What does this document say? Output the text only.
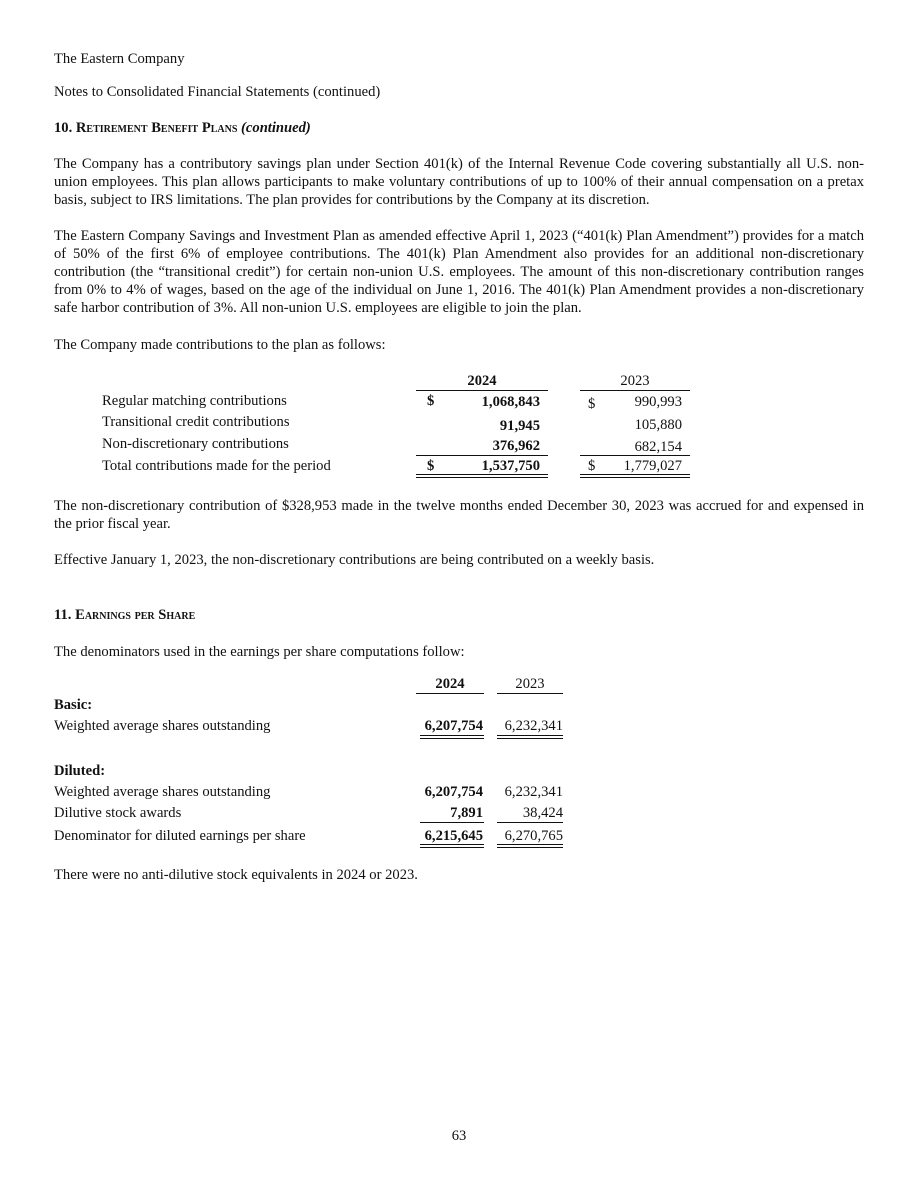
The Eastern Company
Notes to Consolidated Financial Statements (continued)
10. Retirement Benefit Plans (continued)

The Company has a contributory savings plan under Section 401(k) of the Internal Revenue Code covering substantially all U.S. non-union employees. This plan allows participants to make voluntary contributions of up to 100% of their annual compensation on a pretax basis, subject to IRS limitations. The plan provides for contributions by the Company at its discretion.

The Eastern Company Savings and Investment Plan as amended effective April 1, 2023 (“401(k) Plan Amendment”) provides for a match of 50% of the first 6% of employee contributions. The 401(k) Plan Amendment also provides for an additional non-discretionary contribution (the “transitional credit”) for certain non-union U.S. employees. The amount of this non-discretionary contribution ranges from 0% to 4% of wages, based on the age of the individual on June 1, 2016. The 401(k) Plan Amendment provides a non-discretionary safe harbor contribution of 3%. All non-union U.S. employees are eligible to join the plan.

The Company made contributions to the plan as follows:

2024	2023
Regular matching contributions	$	1,068,843	$	990,993
Transitional credit contributions	91,945	105,880
Non-discretionary contributions	376,962	682,154
Total contributions made for the period	$	1,537,750	$	1,779,027

The non-discretionary contribution of $328,953 made in the twelve months ended December 30, 2023 was accrued for and expensed in the prior fiscal year.

Effective January 1, 2023, the non-discretionary contributions are being contributed on a weekly basis.

11. Earnings per Share

The denominators used in the earnings per share computations follow:

2024	2023
Basic:
Weighted average shares outstanding	6,207,754	6,232,341
Diluted:
Weighted average shares outstanding	6,207,754	6,232,341
Dilutive stock awards	7,891	38,424
Denominator for diluted earnings per share	6,215,645	6,270,765

There were no anti-dilutive stock equivalents in 2024 or 2023.

63
